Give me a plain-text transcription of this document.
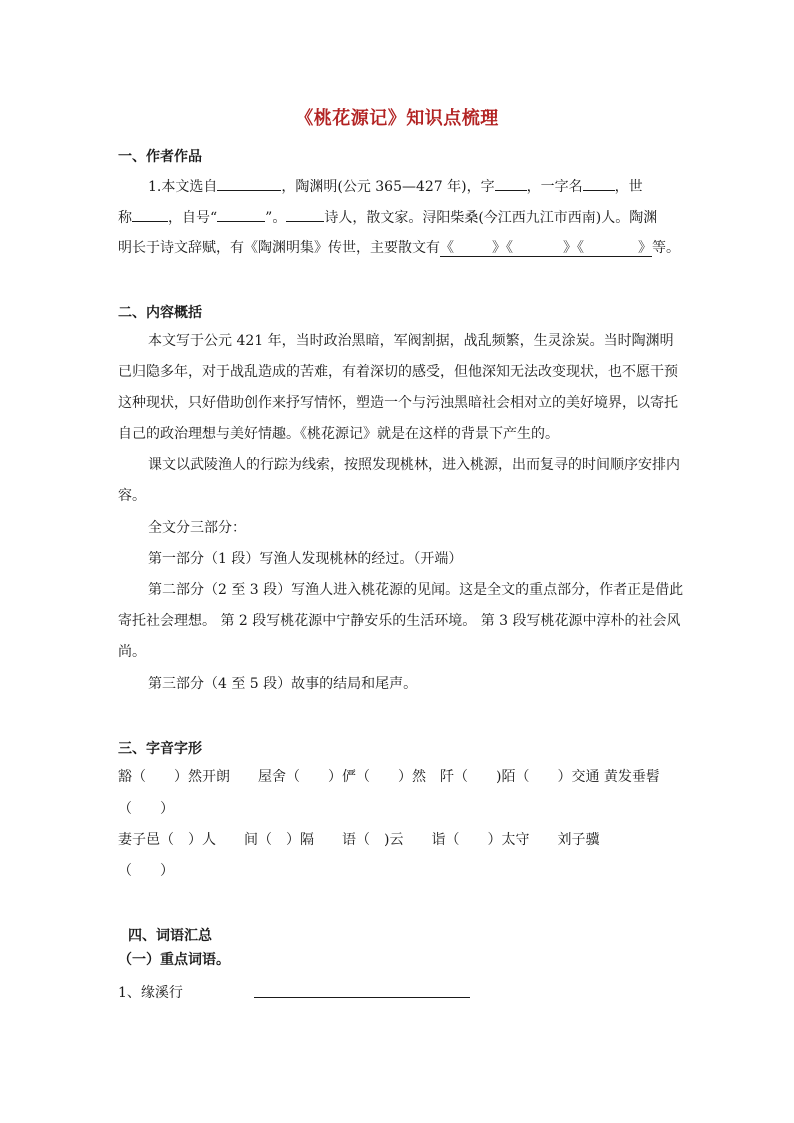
《桃花源记》知识点梳理
一、作者作品
1.本文选自	，陶渊明(公元 365—427 年)，字 ，一字名 ，世
称	，自号“	”。	诗人，散文家。浔阳柴桑(今江西九江市西南)人。陶渊
明长于诗文辞赋，有《陶渊明集》传世，主要散文有《	》《	》《	》等。
二、内容概括
本文写于公元 421 年，当时政治黑暗，军阀割据，战乱频繁，生灵涂炭。当时陶渊明
已归隐多年，对于战乱造成的苦难，有着深切的感受，但他深知无法改变现状，也不愿干预
这种现状，只好借助创作来抒写情怀，塑造一个与污浊黑暗社会相对立的美好境界，以寄托
自己的政治理想与美好情趣。《桃花源记》就是在这样的背景下产生的。
课文以武陵渔人的行踪为线索，按照发现桃林，进入桃源，出而复寻的时间顺序安排内
容。
全文分三部分：
第一部分（1 段）写渔人发现桃林的经过。（开端）
第二部分（2 至 3 段）写渔人进入桃花源的见闻。这是全文的重点部分，作者正是借此
寄托社会理想。 第 2 段写桃花源中宁静安乐的生活环境。 第 3 段写桃花源中淳朴的社会风
尚。
第三部分（4 至 5 段）故事的结局和尾声。
三、字音字形
豁（　　）然开朗　　屋舍（　　）俨（　　）然　阡（　　)陌（　　）交通 黄发垂髫
（　　）
妻子邑（　）人　　间（　）隔　　语（　)云　　诣（　　）太守　　刘子骥
（　　）
四、词语汇总
（一）重点词语。
1、缘溪行
